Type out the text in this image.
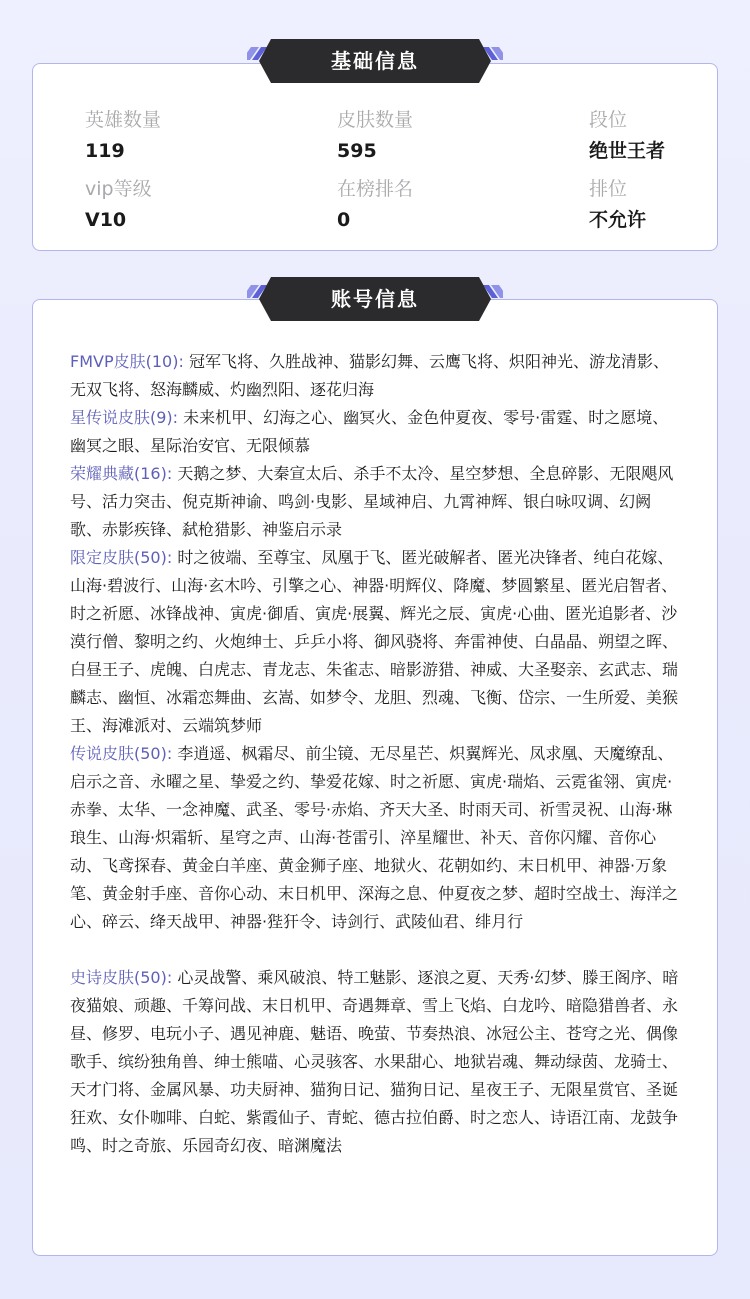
英雄数量
119
皮肤数量
595
段位
绝世王者
vip等级
V10
在榜排名
0
排位
不允许

FMVP皮肤(10): 冠军飞将、久胜战神、猫影幻舞、云鹰飞将、炽阳神光、游龙清影、无双飞将、怒海麟威、灼幽烈阳、逐花归海

星传说皮肤(9): 未来机甲、幻海之心、幽冥火、金色仲夏夜、零号·雷霆、时之愿境、幽冥之眼、星际治安官、无限倾慕

荣耀典藏(16): 天鹅之梦、大秦宣太后、杀手不太冷、星空梦想、全息碎影、无限飓风号、活力突击、倪克斯神谕、鸣剑·曳影、星域神启、九霄神辉、银白咏叹调、幻阙歌、赤影疾锋、弑枪猎影、神鉴启示录

限定皮肤(50): 时之彼端、至尊宝、凤凰于飞、匿光破解者、匿光决锋者、纯白花嫁、山海·碧波行、山海·玄木吟、引擎之心、神器·明辉仪、降魔、梦圆繁星、匿光启智者、时之祈愿、冰锋战神、寅虎·御盾、寅虎·展翼、辉光之辰、寅虎·心曲、匿光追影者、沙漠行僧、黎明之约、火炮绅士、乒乒小将、御风骁将、奔雷神使、白晶晶、朔望之晖、白昼王子、虎魄、白虎志、青龙志、朱雀志、暗影游猎、神威、大圣娶亲、玄武志、瑞麟志、幽恒、冰霜恋舞曲、玄嵩、如梦令、龙胆、烈魂、飞衡、岱宗、一生所爱、美猴王、海滩派对、云端筑梦师

传说皮肤(50): 李逍遥、枫霜尽、前尘镜、无尽星芒、炽翼辉光、凤求凰、天魔缭乱、启示之音、永曜之星、挚爱之约、挚爱花嫁、时之祈愿、寅虎·瑞焰、云霓雀翎、寅虎·赤拳、太华、一念神魔、武圣、零号·赤焰、齐天大圣、时雨天司、祈雪灵祝、山海·琳琅生、山海·炽霜斩、星穹之声、山海·苍雷引、淬星耀世、补天、音你闪耀、音你心动、飞鸢探春、黄金白羊座、黄金狮子座、地狱火、花朝如约、末日机甲、神器·万象笔、黄金射手座、音你心动、末日机甲、深海之息、仲夏夜之梦、超时空战士、海洋之心、碎云、绛天战甲、神器·狴犴令、诗剑行、武陵仙君、绯月行

史诗皮肤(50): 心灵战警、乘风破浪、特工魅影、逐浪之夏、天秀·幻梦、滕王阁序、暗夜猫娘、顽趣、千筹问战、末日机甲、奇遇舞章、雪上飞焰、白龙吟、暗隐猎兽者、永昼、修罗、电玩小子、遇见神鹿、魅语、晚萤、节奏热浪、冰冠公主、苍穹之光、偶像歌手、缤纷独角兽、绅士熊喵、心灵骇客、水果甜心、地狱岩魂、舞动绿茵、龙骑士、天才门将、金属风暴、功夫厨神、猫狗日记、猫狗日记、星夜王子、无限星赏官、圣诞狂欢、女仆咖啡、白蛇、紫霞仙子、青蛇、德古拉伯爵、时之恋人、诗语江南、龙鼓争鸣、时之奇旅、乐园奇幻夜、暗渊魔法

基础信息
账号信息
